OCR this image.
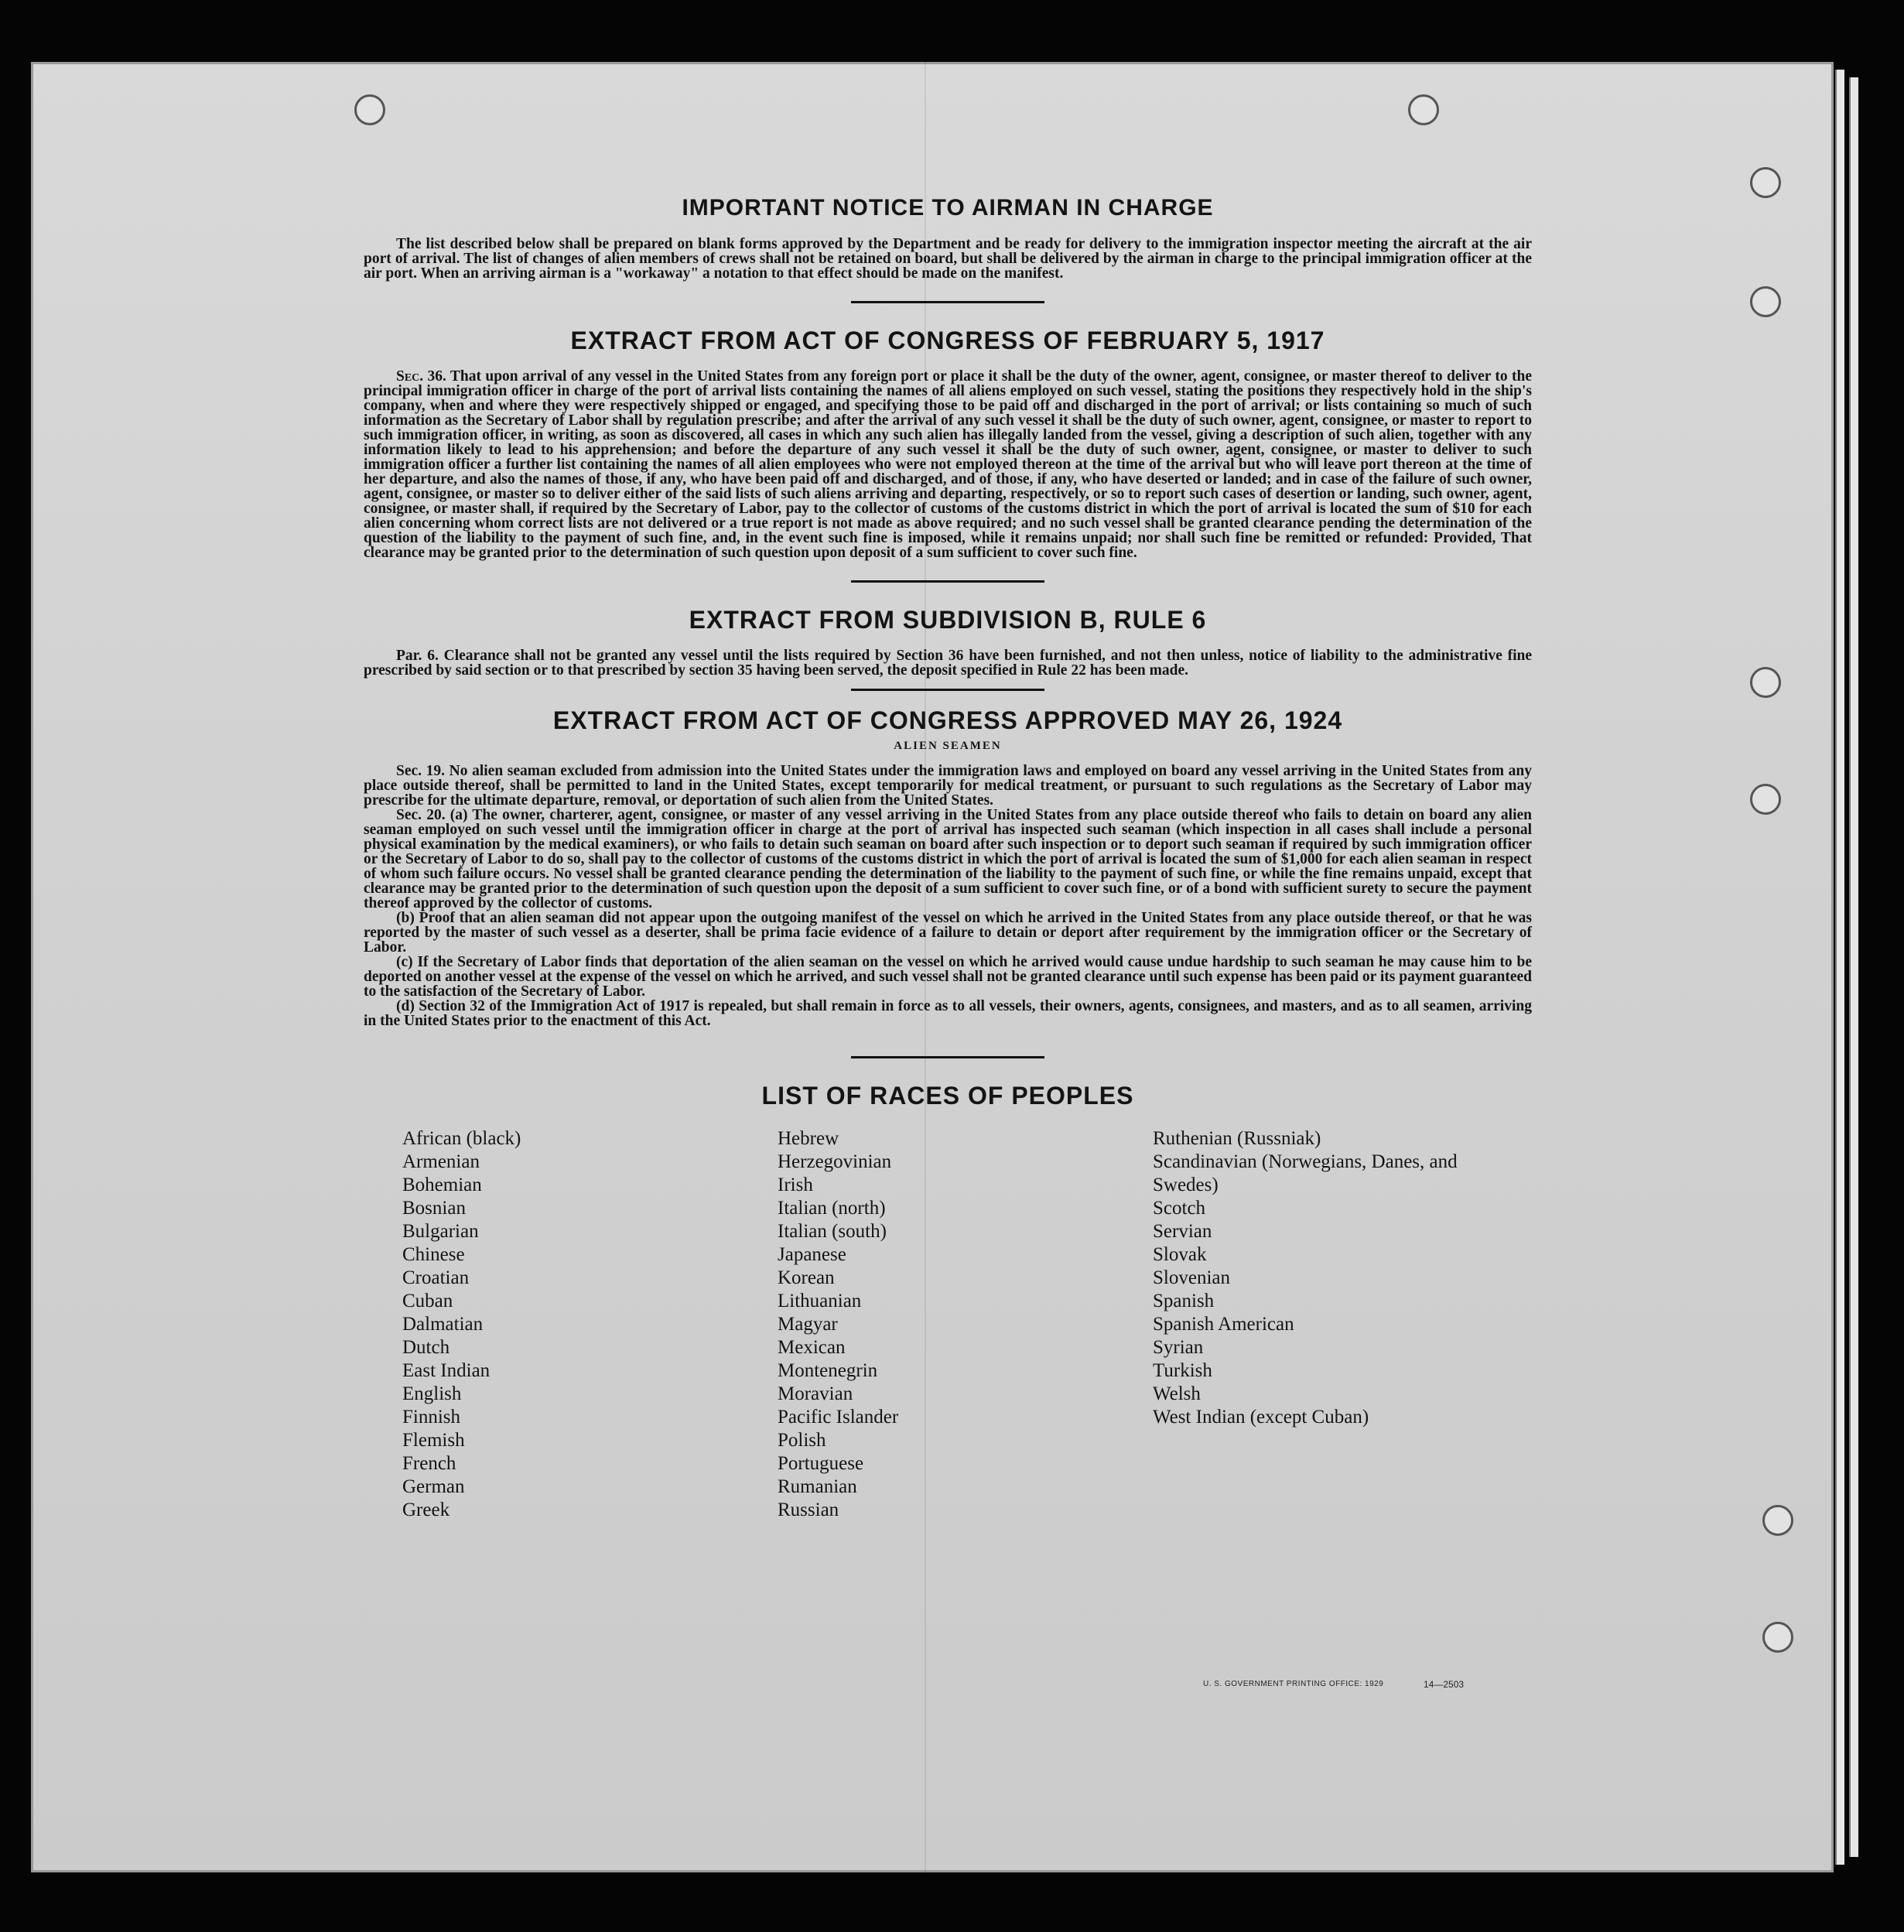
IMPORTANT NOTICE TO AIRMAN IN CHARGE

The list described below shall be prepared on blank forms approved by the Department and be ready for delivery to the immigration inspector meeting the aircraft at the air port of arrival. The list of changes of alien members of crews shall not be retained on board, but shall be delivered by the airman in charge to the principal immigration officer at the air port. When an arriving airman is a "workaway" a notation to that effect should be made on the manifest.

EXTRACT FROM ACT OF CONGRESS OF FEBRUARY 5, 1917

Sec. 36. That upon arrival of any vessel in the United States from any foreign port or place it shall be the duty of the owner, agent, consignee, or master thereof to deliver to the principal immigration officer in charge of the port of arrival lists containing the names of all aliens employed on such vessel, stating the positions they respectively hold in the ship's company, when and where they were respectively shipped or engaged, and specifying those to be paid off and discharged in the port of arrival; or lists containing so much of such information as the Secretary of Labor shall by regulation prescribe; and after the arrival of any such vessel it shall be the duty of such owner, agent, consignee, or master to report to such immigration officer, in writing, as soon as discovered, all cases in which any such alien has illegally landed from the vessel, giving a description of such alien, together with any information likely to lead to his apprehension; and before the departure of any such vessel it shall be the duty of such owner, agent, consignee, or master to deliver to such immigration officer a further list containing the names of all alien employees who were not employed thereon at the time of the arrival but who will leave port thereon at the time of her departure, and also the names of those, if any, who have been paid off and discharged, and of those, if any, who have deserted or landed; and in case of the failure of such owner, agent, consignee, or master so to deliver either of the said lists of such aliens arriving and departing, respectively, or so to report such cases of desertion or landing, such owner, agent, consignee, or master shall, if required by the Secretary of Labor, pay to the collector of customs of the customs district in which the port of arrival is located the sum of $10 for each alien concerning whom correct lists are not delivered or a true report is not made as above required; and no such vessel shall be granted clearance pending the determination of the question of the liability to the payment of such fine, and, in the event such fine is imposed, while it remains unpaid; nor shall such fine be remitted or refunded: Provided, That clearance may be granted prior to the determination of such question upon deposit of a sum sufficient to cover such fine.

EXTRACT FROM SUBDIVISION B, RULE 6

Par. 6. Clearance shall not be granted any vessel until the lists required by Section 36 have been furnished, and not then unless, notice of liability to the administrative fine prescribed by said section or to that prescribed by section 35 having been served, the deposit specified in Rule 22 has been made.

EXTRACT FROM ACT OF CONGRESS APPROVED MAY 26, 1924
ALIEN SEAMEN

Sec. 19. No alien seaman excluded from admission into the United States under the immigration laws and employed on board any vessel arriving in the United States from any place outside thereof, shall be permitted to land in the United States, except temporarily for medical treatment, or pursuant to such regulations as the Secretary of Labor may prescribe for the ultimate departure, removal, or deportation of such alien from the United States.

Sec. 20. (a) The owner, charterer, agent, consignee, or master of any vessel arriving in the United States from any place outside thereof who fails to detain on board any alien seaman employed on such vessel until the immigration officer in charge at the port of arrival has inspected such seaman (which inspection in all cases shall include a personal physical examination by the medical examiners), or who fails to detain such seaman on board after such inspection or to deport such seaman if required by such immigration officer or the Secretary of Labor to do so, shall pay to the collector of customs of the customs district in which the port of arrival is located the sum of $1,000 for each alien seaman in respect of whom such failure occurs. No vessel shall be granted clearance pending the determination of the liability to the payment of such fine, or while the fine remains unpaid, except that clearance may be granted prior to the determination of such question upon the deposit of a sum sufficient to cover such fine, or of a bond with sufficient surety to secure the payment thereof approved by the collector of customs.

(b) Proof that an alien seaman did not appear upon the outgoing manifest of the vessel on which he arrived in the United States from any place outside thereof, or that he was reported by the master of such vessel as a deserter, shall be prima facie evidence of a failure to detain or deport after requirement by the immigration officer or the Secretary of Labor.

(c) If the Secretary of Labor finds that deportation of the alien seaman on the vessel on which he arrived would cause undue hardship to such seaman he may cause him to be deported on another vessel at the expense of the vessel on which he arrived, and such vessel shall not be granted clearance until such expense has been paid or its payment guaranteed to the satisfaction of the Secretary of Labor.

(d) Section 32 of the Immigration Act of 1917 is repealed, but shall remain in force as to all vessels, their owners, agents, consignees, and masters, and as to all seamen, arriving in the United States prior to the enactment of this Act.

LIST OF RACES OF PEOPLES
African (black)
Armenian
Bohemian
Bosnian
Bulgarian
Chinese
Croatian
Cuban
Dalmatian
Dutch
East Indian
English
Finnish
Flemish
French
German
Greek
Hebrew
Herzegovinian
Irish
Italian (north)
Italian (south)
Japanese
Korean
Lithuanian
Magyar
Mexican
Montenegrin
Moravian
Pacific Islander
Polish
Portuguese
Rumanian
Russian
Ruthenian (Russniak)
Scandinavian (Norwegians, Danes, and Swedes)
Scotch
Servian
Slovak
Slovenian
Spanish
Spanish American
Syrian
Turkish
Welsh
West Indian (except Cuban)
U. S. GOVERNMENT PRINTING OFFICE: 1929	14—2503
